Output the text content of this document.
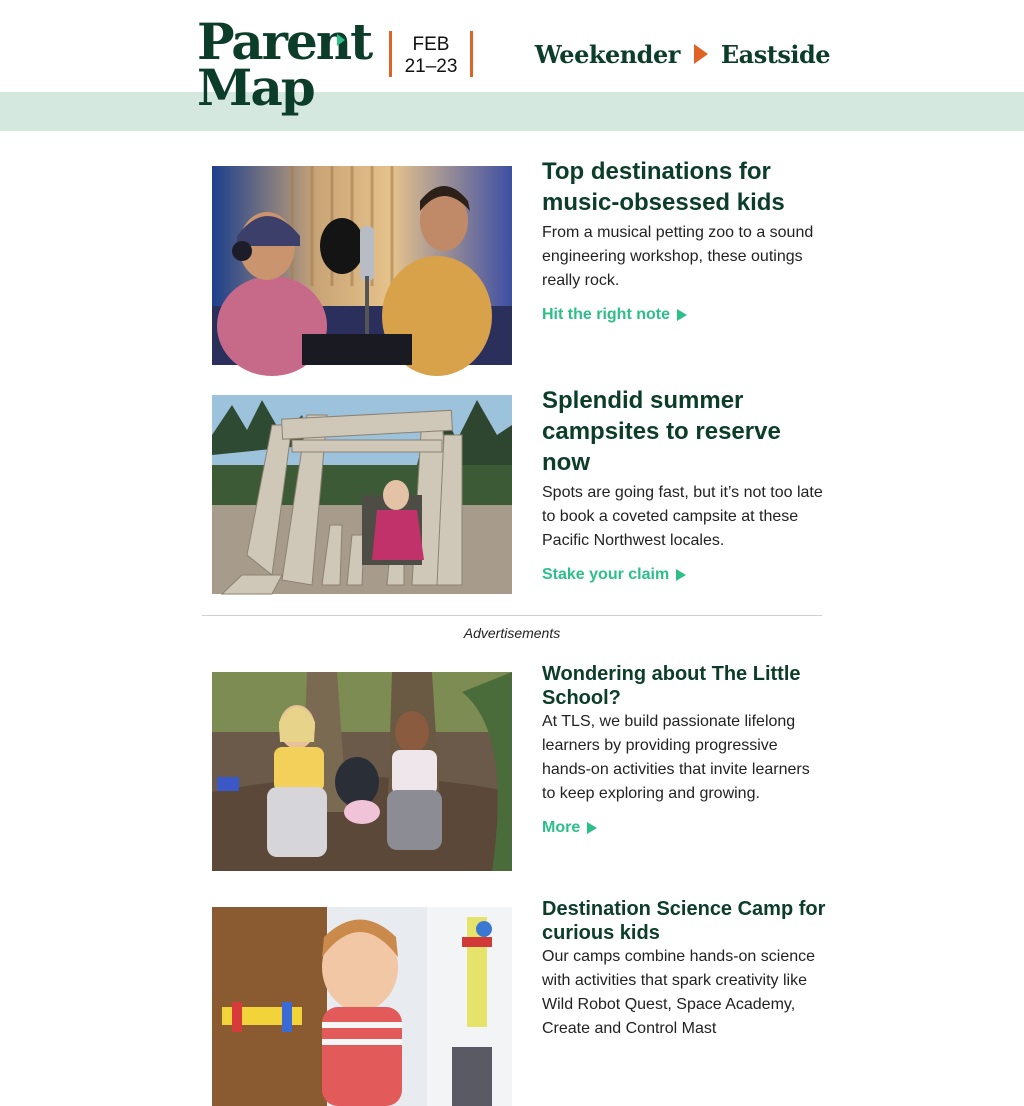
Parent
Map
FEB
21–23	Weekender Eastside
Top destinations for music-obsessed kids

From a musical petting zoo to a sound engineering workshop, these outings really rock.

Hit the right note
Splendid summer campsites to reserve now

Spots are going fast, but it’s not too late to book a coveted campsite at these Pacific Northwest locales.

Stake your claim
Advertisements
Wondering about The Little School?

At TLS, we build passionate lifelong learners by providing progressive hands-on activities that invite learners to keep exploring and growing.

More
Destination Science Camp for curious kids

Our camps combine hands-on science with activities that spark creativity like Wild Robot Quest, Space Academy, Create and Control Mast
